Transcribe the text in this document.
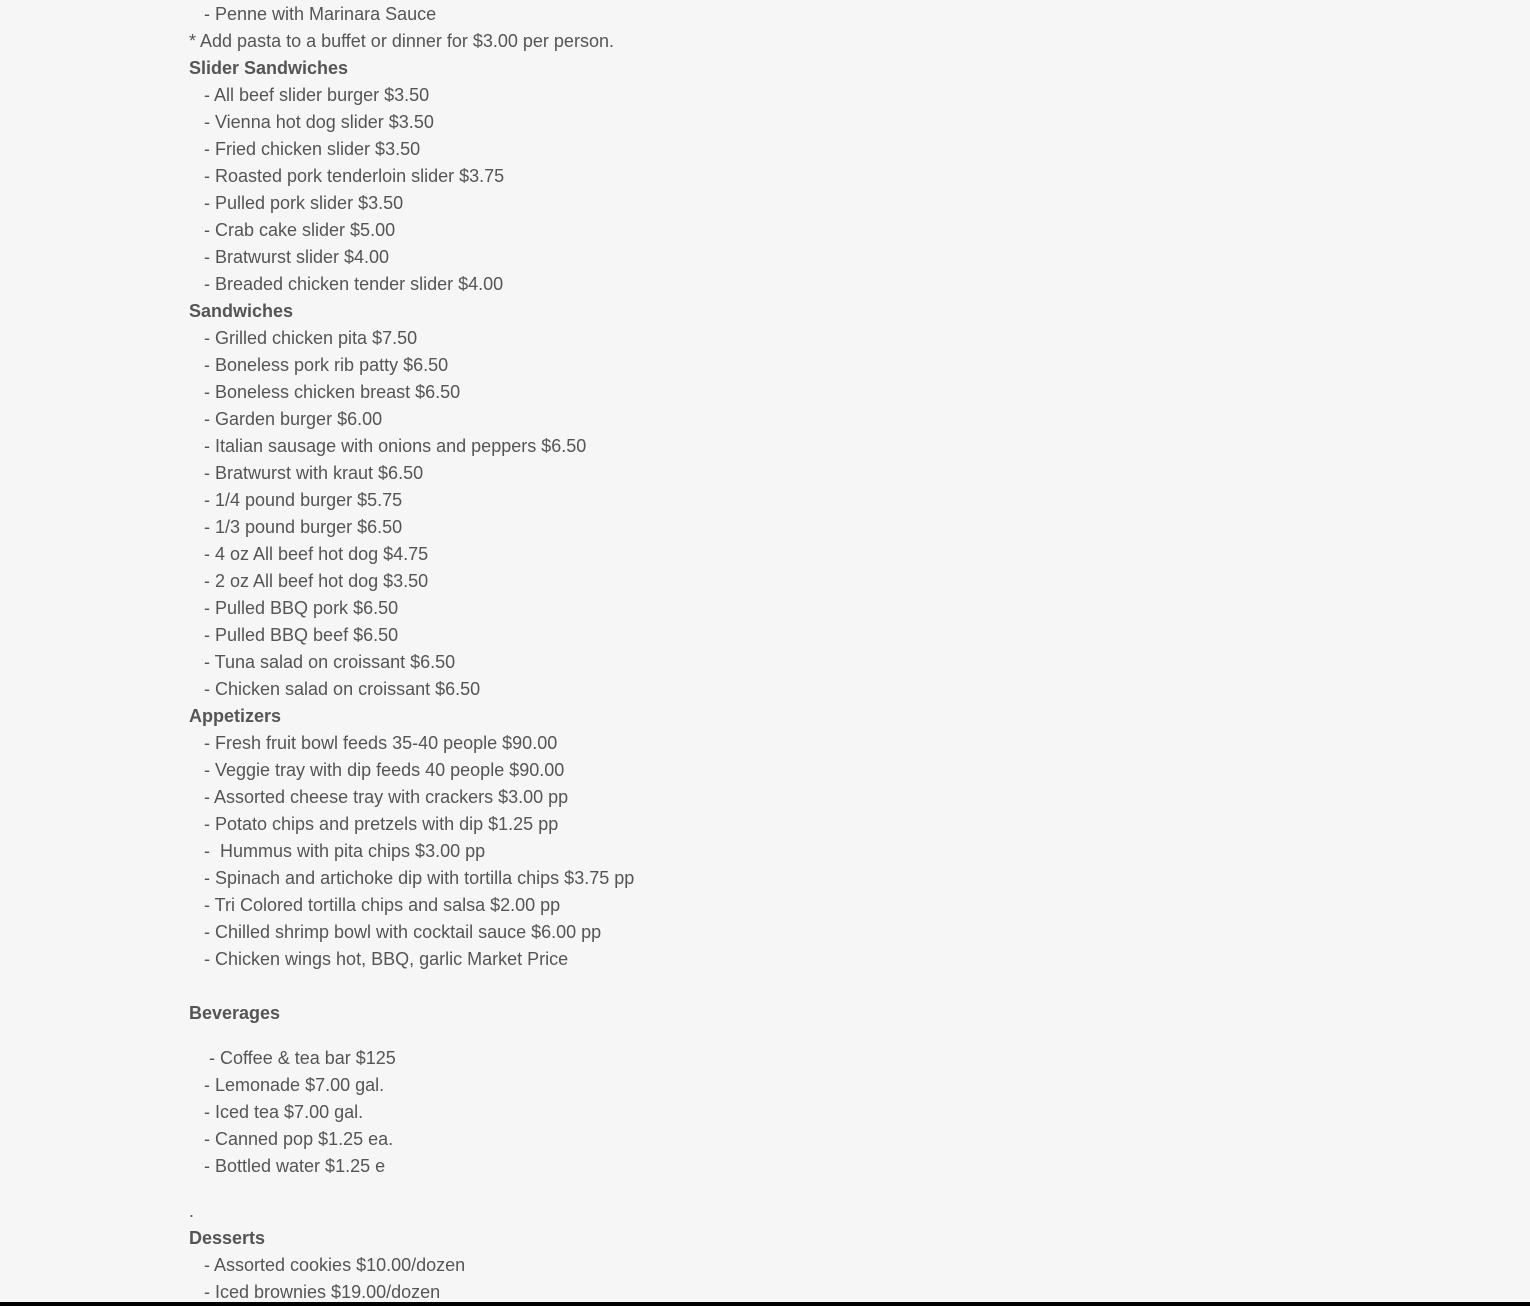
- Penne with Marinara Sauce
* Add pasta to a buffet or dinner for $3.00 per person.
Slider Sandwiches
- All beef slider burger $3.50
- Vienna hot dog slider $3.50
- Fried chicken slider $3.50
- Roasted pork tenderloin slider $3.75
- Pulled pork slider $3.50
- Crab cake slider $5.00
- Bratwurst slider $4.00
- Breaded chicken tender slider $4.00
Sandwiches
- Grilled chicken pita $7.50
- Boneless pork rib patty $6.50
- Boneless chicken breast $6.50
- Garden burger $6.00
- Italian sausage with onions and peppers $6.50
- Bratwurst with kraut $6.50
- 1/4 pound burger $5.75
- 1/3 pound burger $6.50
- 4 oz All beef hot dog $4.75
- 2 oz All beef hot dog $3.50
- Pulled BBQ pork $6.50
- Pulled BBQ beef $6.50
- Tuna salad on croissant $6.50
- Chicken salad on croissant $6.50
Appetizers
- Fresh fruit bowl feeds 35-40 people $90.00
- Veggie tray with dip feeds 40 people $90.00
- Assorted cheese tray with crackers $3.00 pp
- Potato chips and pretzels with dip $1.25 pp
-  Hummus with pita chips $3.00 pp
- Spinach and artichoke dip with tortilla chips $3.75 pp
- Tri Colored tortilla chips and salsa $2.00 pp
- Chilled shrimp bowl with cocktail sauce $6.00 pp
- Chicken wings hot, BBQ, garlic Market Price
Beverages
- Coffee & tea bar $125
- Lemonade $7.00 gal.
- Iced tea $7.00 gal.
- Canned pop $1.25 ea.
- Bottled water $1.25 e
.
Desserts
- Assorted cookies $10.00/dozen
- Iced brownies $19.00/dozen
